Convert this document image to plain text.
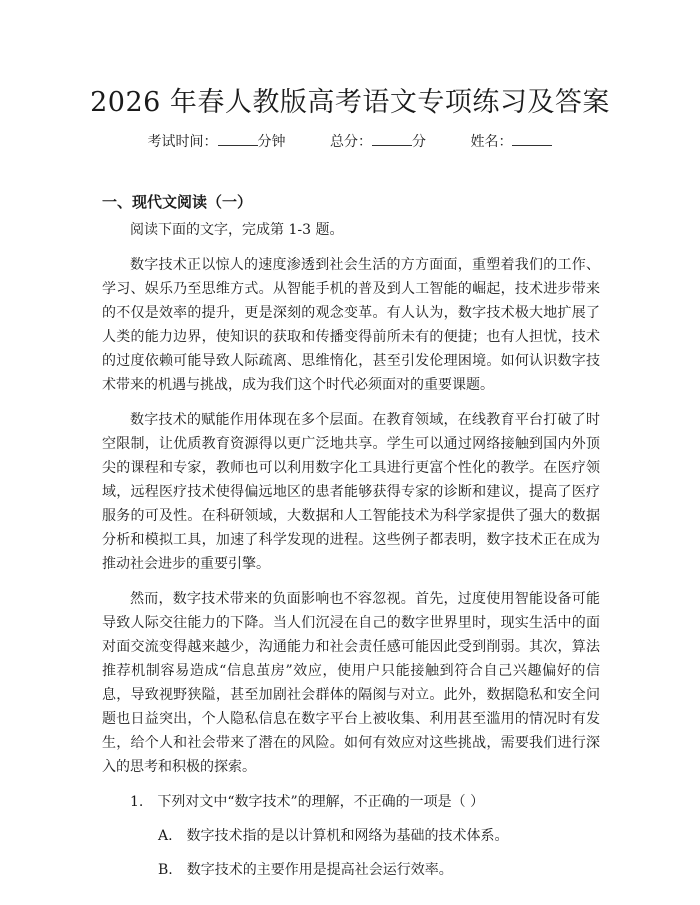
2026 年春人教版高考语文专项练习及答案
考试时间：	分钟	总分：	分	姓名：
一、现代文阅读（一）

阅读下面的文字，完成第 1-3 题。

数字技术正以惊人的速度渗透到社会生活的方方面面，重塑着我们的工作、学习、娱乐乃至思维方式。从智能手机的普及到人工智能的崛起，技术进步带来的不仅是效率的提升，更是深刻的观念变革。有人认为，数字技术极大地扩展了人类的能力边界，使知识的获取和传播变得前所未有的便捷；也有人担忧，技术的过度依赖可能导致人际疏离、思维惰化，甚至引发伦理困境。如何认识数字技术带来的机遇与挑战，成为我们这个时代必须面对的重要课题。

数字技术的赋能作用体现在多个层面。在教育领域，在线教育平台打破了时空限制，让优质教育资源得以更广泛地共享。学生可以通过网络接触到国内外顶尖的课程和专家，教师也可以利用数字化工具进行更富个性化的教学。在医疗领域，远程医疗技术使得偏远地区的患者能够获得专家的诊断和建议，提高了医疗服务的可及性。在科研领域，大数据和人工智能技术为科学家提供了强大的数据分析和模拟工具，加速了科学发现的进程。这些例子都表明，数字技术正在成为推动社会进步的重要引擎。

然而，数字技术带来的负面影响也不容忽视。首先，过度使用智能设备可能导致人际交往能力的下降。当人们沉浸在自己的数字世界里时，现实生活中的面对面交流变得越来越少，沟通能力和社会责任感可能因此受到削弱。其次，算法推荐机制容易造成“信息茧房”效应，使用户只能接触到符合自己兴趣偏好的信息，导致视野狭隘，甚至加剧社会群体的隔阂与对立。此外，数据隐私和安全问题也日益突出，个人隐私信息在数字平台上被收集、利用甚至滥用的情况时有发生，给个人和社会带来了潜在的风险。如何有效应对这些挑战，需要我们进行深入的思考和积极的探索。

1.　下列对文中“数字技术”的理解，不正确的一项是（ ）
A.　数字技术指的是以计算机和网络为基础的技术体系。
B.　数字技术的主要作用是提高社会运行效率。
